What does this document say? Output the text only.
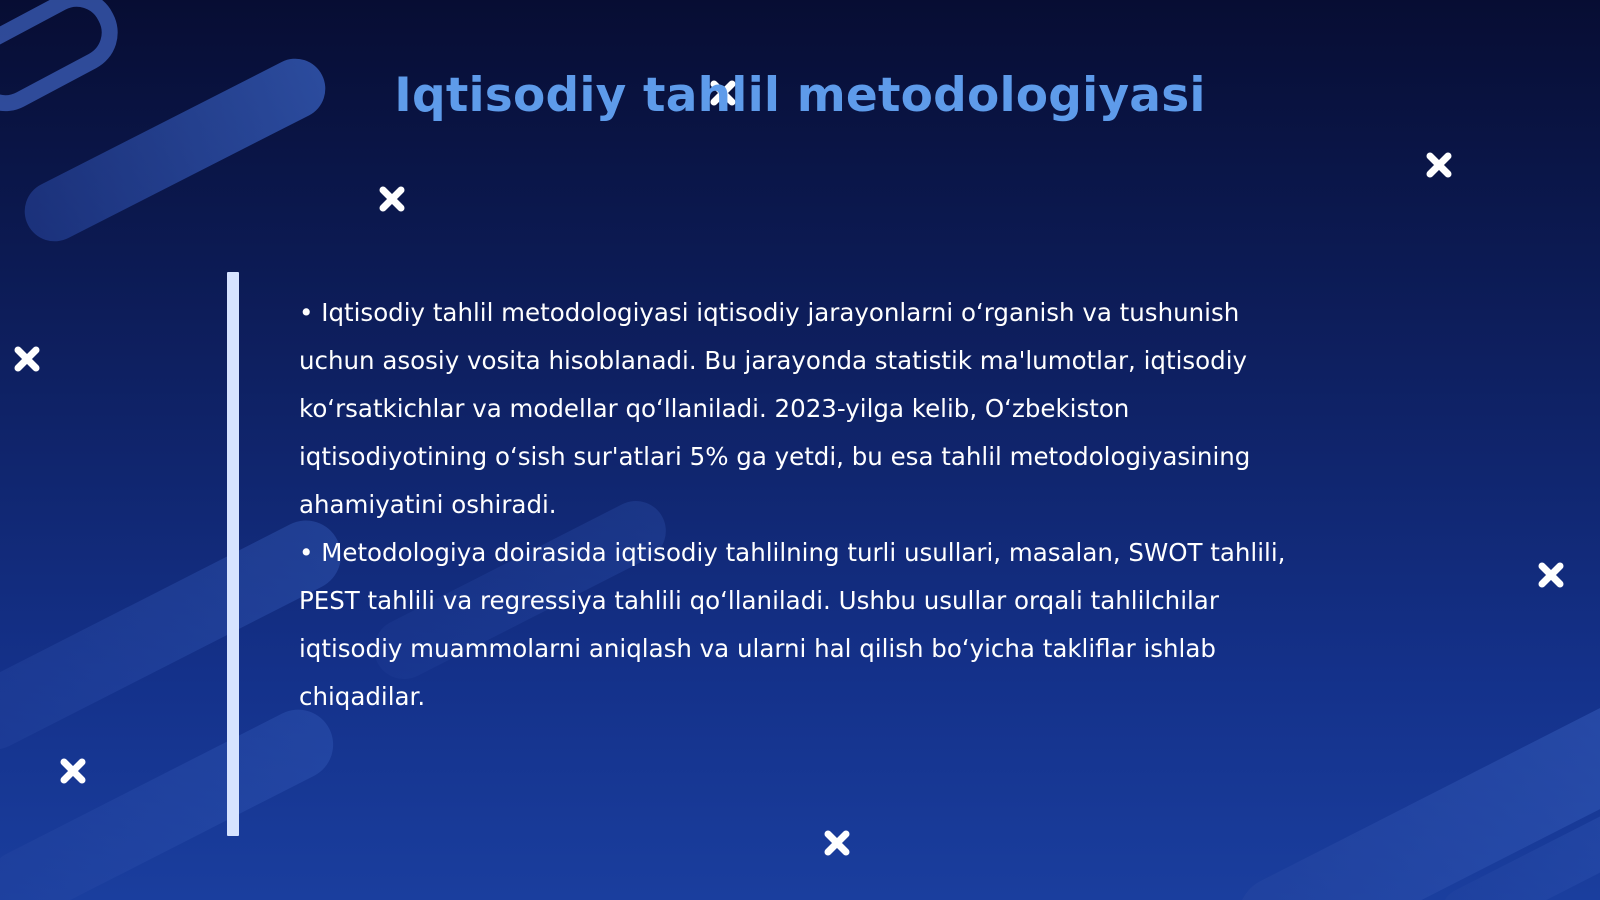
Iqtisodiy tahlil metodologiyasi

• Iqtisodiy tahlil metodologiyasi iqtisodiy jarayonlarni o‘rganish va tushunish uchun asosiy vosita hisoblanadi. Bu jarayonda statistik ma'lumotlar, iqtisodiy ko‘rsatkichlar va modellar qo‘llaniladi. 2023-yilga kelib, O‘zbekiston iqtisodiyotining o‘sish sur'atlari 5% ga yetdi, bu esa tahlil metodologiyasining ahamiyatini oshiradi.

• Metodologiya doirasida iqtisodiy tahlilning turli usullari, masalan, SWOT tahlili, PEST tahlili va regressiya tahlili qo‘llaniladi. Ushbu usullar orqali tahlilchilar iqtisodiy muammolarni aniqlash va ularni hal qilish bo‘yicha takliflar ishlab chiqadilar.
